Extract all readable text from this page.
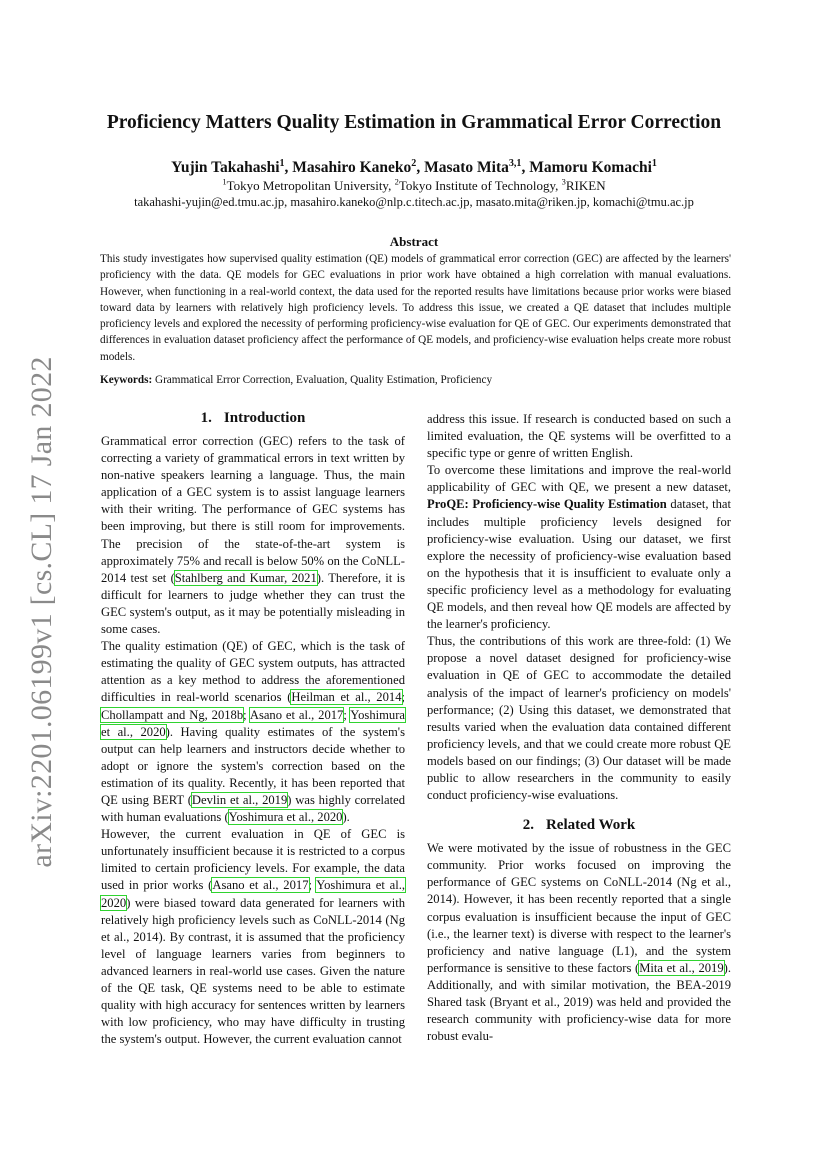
arXiv:2201.06199v1 [cs.CL] 17 Jan 2022
Proficiency Matters Quality Estimation in Grammatical Error Correction
Yujin Takahashi$^1$, Masahiro Kaneko$^2$, Masato Mita$^{3,1}$, Mamoru Komachi$^1$
$^1$Tokyo Metropolitan University, $^2$Tokyo Institute of Technology, $^3$RIKEN
takahashi-yujin@ed.tmu.ac.jp, masahiro.kaneko@nlp.c.titech.ac.jp, masato.mita@riken.jp, komachi@tmu.ac.jp
Abstract
This study investigates how supervised quality estimation (QE) models of grammatical error correction (GEC) are affected by the learners' proficiency with the data. QE models for GEC evaluations in prior work have obtained a high correlation with manual evaluations. However, when functioning in a real-world context, the data used for the reported results have limitations because prior works were biased toward data by learners with relatively high proficiency levels. To address this issue, we created a QE dataset that includes multiple proficiency levels and explored the necessity of performing proficiency-wise evaluation for QE of GEC. Our experiments demonstrated that differences in evaluation dataset proficiency affect the performance of QE models, and proficiency-wise evaluation helps create more robust models.
Keywords: Grammatical Error Correction, Evaluation, Quality Estimation, Proficiency
1. Introduction

Grammatical error correction (GEC) refers to the task of correcting a variety of grammatical errors in text written by non-native speakers learning a language. Thus, the main application of a GEC system is to assist language learners with their writing. The performance of GEC systems has been improving, but there is still room for improvements. The precision of the state-of-the-art system is approximately 75% and recall is below 50% on the CoNLL-2014 test set (Stahlberg and Kumar, 2021). Therefore, it is difficult for learners to judge whether they can trust the GEC system's output, as it may be potentially misleading in some cases.

The quality estimation (QE) of GEC, which is the task of estimating the quality of GEC system outputs, has attracted attention as a key method to address the aforementioned difficulties in real-world scenarios (Heilman et al., 2014; Chollampatt and Ng, 2018b; Asano et al., 2017; Yoshimura et al., 2020). Having quality estimates of the system's output can help learners and instructors decide whether to adopt or ignore the system's correction based on the estimation of its quality. Recently, it has been reported that QE using BERT (Devlin et al., 2019) was highly correlated with human evaluations (Yoshimura et al., 2020).

However, the current evaluation in QE of GEC is unfortunately insufficient because it is restricted to a corpus limited to certain proficiency levels. For example, the data used in prior works (Asano et al., 2017; Yoshimura et al., 2020) were biased toward data generated for learners with relatively high proficiency levels such as CoNLL-2014 (Ng et al., 2014). By contrast, it is assumed that the proficiency level of language learners varies from beginners to advanced learners in real-world use cases. Given the nature of the QE task, QE systems need to be able to estimate quality with high accuracy for sentences written by learners with low proficiency, who may have difficulty in trusting the system's output. However, the current evaluation cannot

address this issue. If research is conducted based on such a limited evaluation, the QE systems will be overfitted to a specific type or genre of written English.

To overcome these limitations and improve the real-world applicability of GEC with QE, we present a new dataset, ProQE: Proficiency-wise Quality Estimation dataset, that includes multiple proficiency levels designed for proficiency-wise evaluation. Using our dataset, we first explore the necessity of proficiency-wise evaluation based on the hypothesis that it is insufficient to evaluate only a specific proficiency level as a methodology for evaluating QE models, and then reveal how QE models are affected by the learner's proficiency.

Thus, the contributions of this work are three-fold: (1) We propose a novel dataset designed for proficiency-wise evaluation in QE of GEC to accommodate the detailed analysis of the impact of learner's proficiency on models' performance; (2) Using this dataset, we demonstrated that results varied when the evaluation data contained different proficiency levels, and that we could create more robust QE models based on our findings; (3) Our dataset will be made public to allow researchers in the community to easily conduct proficiency-wise evaluations.

2. Related Work

We were motivated by the issue of robustness in the GEC community. Prior works focused on improving the performance of GEC systems on CoNLL-2014 (Ng et al., 2014). However, it has been recently reported that a single corpus evaluation is insufficient because the input of GEC (i.e., the learner text) is diverse with respect to the learner's proficiency and native language (L1), and the system performance is sensitive to these factors (Mita et al., 2019). Additionally, and with similar motivation, the BEA-2019 Shared task (Bryant et al., 2019) was held and provided the research community with proficiency-wise data for more robust evalu-
